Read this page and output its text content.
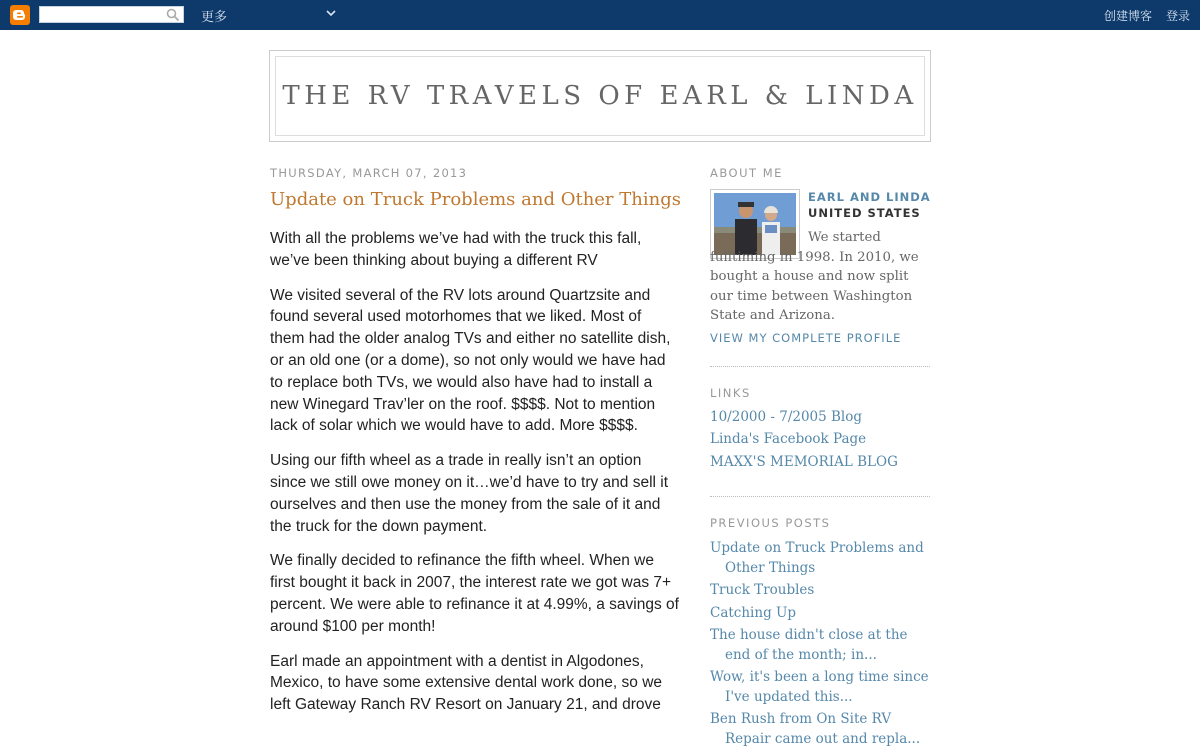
更多	创建博客 登录
THE RV TRAVELS OF EARL & LINDA
THURSDAY, MARCH 07, 2013
Update on Truck Problems and Other Things

With all the problems we’ve had with the truck this fall, we’ve been thinking about buying a different RV

We visited several of the RV lots around Quartzsite and found several used motorhomes that we liked. Most of them had the older analog TVs and either no satellite dish, or an old one (or a dome), so not only would we have had to replace both TVs, we would also have had to install a new Winegard Trav’ler on the roof. $$$$. Not to mention lack of solar which we would have to add. More $$$$.

Using our fifth wheel as a trade in really isn’t an option since we still owe money on it…we’d have to try and sell it ourselves and then use the money from the sale of it and the truck for the down payment.

We finally decided to refinance the fifth wheel. When we first bought it back in 2007, the interest rate we got was 7+ percent. We were able to refinance it at 4.99%, a savings of around $100 per month!

Earl made an appointment with a dentist in Algodones, Mexico, to have some extensive dental work done, so we left Gateway Ranch RV Resort on January 21, and drove

ABOUT ME
EARL AND LINDA
UNITED STATES
We started fulltiming in 1998. In 2010, we bought a house and now split our time between Washington State and Arizona.
VIEW MY COMPLETE PROFILE
LINKS
10/2000 - 7/2005 Blog
Linda's Facebook Page
MAXX'S MEMORIAL BLOG
PREVIOUS POSTS
Update on Truck Problems and Other Things
Truck Troubles
Catching Up
The house didn't close at the end of the month; in...
Wow, it's been a long time since I've updated this...
Ben Rush from On Site RV Repair came out and repla...
